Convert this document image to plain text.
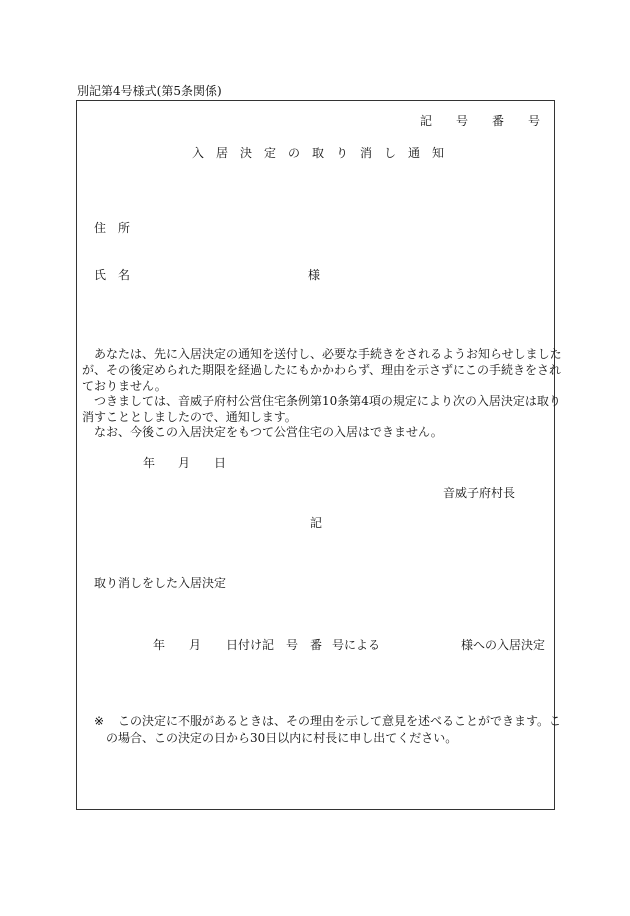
別記第4号様式(第5条関係)
記 号 番 号
入 居 決 定 の 取 り 消 し 通 知
住 所
氏 名	様
あなたは、先に入居決定の通知を送付し、必要な手続きをされるようお知らせしました
が、その後定められた期限を経過したにもかかわらず、理由を示さずにこの手続きをされ
ておりません。
つきましては、音威子府村公営住宅条例第10条第4項の規定により次の入居決定は取り
消すこととしましたので、通知します。
なお、今後この入居決定をもつて公営住宅の入居はできません。
年 月 日
音威子府村長
記
取り消しをした入居決定
年 月 日付け記 号 番 号による	様への入居決定
※ この決定に不服があるときは、その理由を示して意見を述べることができます。こ
の場合、この決定の日から30日以内に村長に申し出てください。
